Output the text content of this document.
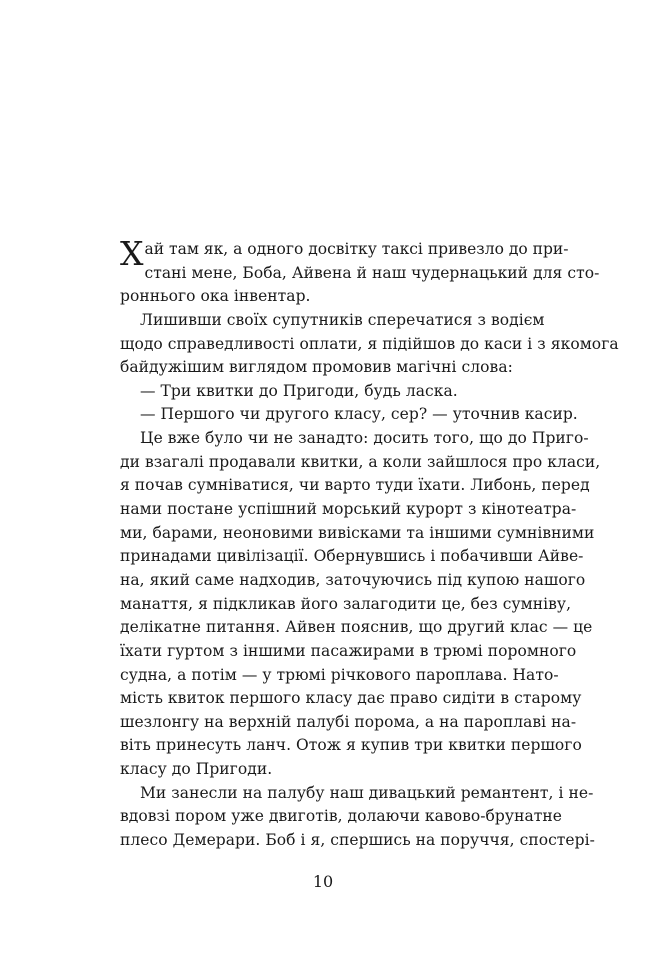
Хай там як, а одного досвітку таксі привезло до при-
стані мене, Боба, Айвена й наш чудернацький для сто-
роннього ока інвентар.
Лишивши своїх супутників сперечатися з водієм
щодо справедливості оплати, я підійшов до каси і з якомога
байдужішим виглядом промовив магічні слова:
— Три квитки до Пригоди, будь ласка.
— Першого чи другого класу, сер? — уточнив касир.
Це вже було чи не занадто: досить того, що до Приго-
ди взагалі продавали квитки, а коли зайшлося про класи,
я почав сумніватися, чи варто туди їхати. Либонь, перед
нами постане успішний морський курорт з кінотеатра-
ми, барами, неоновими вивісками та іншими сумнівними
принадами цивілізації. Обернувшись і побачивши Айве-
на, який саме надходив, заточуючись під купою нашого
манаття, я підкликав його залагодити це, без сумніву,
делікатне питання. Айвен пояснив, що другий клас — це
їхати гуртом з іншими пасажирами в трюмі поромного
судна, а потім — у трюмі річкового пароплава. Нато-
мість квиток першого класу дає право сидіти в старому
шезлонгу на верхній палубі порома, а на пароплаві на-
віть принесуть ланч. Отож я купив три квитки першого
класу до Пригоди.
Ми занесли на палубу наш дивацький ремантент, і не-
вдовзі пором уже двиготів, долаючи кавово-брунатне
плесо Демерари. Боб і я, спершись на поруччя, спостері-
10
